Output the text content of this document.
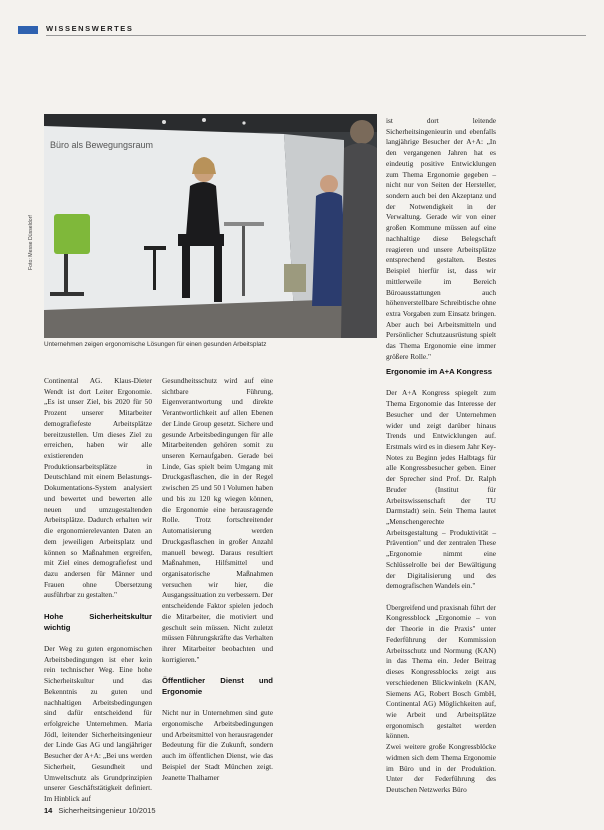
WISSENSWERTES
Büro als Bewegungsraum
Foto: Messe Düsseldorf
Unternehmen zeigen ergonomische Lösungen für einen gesunden Arbeitsplatz

Continental AG. Klaus-Dieter Wendt ist dort Leiter Ergonomie. „Es ist unser Ziel, bis 2020 für 50 Prozent unserer Mitarbeiter demografiefeste Arbeitsplätze bereitzustellen. Um dieses Ziel zu erreichen, haben wir alle existierenden Produktionsarbeitsplätze in Deutschland mit einem Belastungs-Dokumentations-System analysiert und bewertet und bewerten alle neuen und umzugestaltenden Arbeitsplätze. Dadurch erhalten wir die ergonomierelevanten Daten an dem jeweiligen Arbeitsplatz und können so Maßnahmen ergreifen, mit Ziel eines demografiefest und dazu andersen für Männer und Frauen ohne Übersetzung ausführbar zu gestalten."

Hohe Sicherheitskultur wichtig

Der Weg zu guten ergonomischen Arbeitsbedingungen ist eher kein rein technischer Weg. Eine hohe Sicherheitskultur und das Bekenntnis zu guten und nachhaltigen Arbeitsbedingungen sind dafür entscheidend für erfolgreiche Unternehmen. Maria Jödl, leitender Sicherheitsingenieur der Linde Gas AG und langjähriger Besucher der A+A: „Bei uns werden Sicherheit, Gesundheit und Umweltschutz als Grundprinzipien unserer Geschäftstätigkeit definiert. Im Hinblick auf

Gesundheitsschutz wird auf eine sichtbare Führung, Eigenverantwortung und direkte Verantwortlichkeit auf allen Ebenen der Linde Group gesetzt. Sichere und gesunde Arbeitsbedingungen für alle Mitarbeitenden gehören somit zu unseren Kernaufgaben. Gerade bei Linde, Gas spielt beim Umgang mit Druckgasflaschen, die in der Regel zwischen 25 und 50 l Volumen haben und bis zu 120 kg wiegen können, die Ergonomie eine herausragende Rolle. Trotz fortschreitender Automatisierung werden Druckgasflaschen in großer Anzahl manuell bewegt. Daraus resultiert Maßnahmen, Hilfsmittel und organisatorische Maßnahmen versuchen wir hier, die Ausgangssituation zu verbessern. Der entscheidende Faktor spielen jedoch die Mitarbeiter, die motiviert und geschult sein müssen. Nicht zuletzt müssen Führungskräfte das Verhalten ihrer Mitarbeiter beobachten und korrigieren."

Öffentlicher Dienst und Ergonomie

Nicht nur in Unternehmen sind gute ergonomische Arbeitsbedingungen und Arbeitsmittel von herausragender Bedeutung für die Zukunft, sondern auch im öffentlichen Dienst, wie das Beispiel der Stadt München zeigt. Jeanette Thalhamer

ist dort leitende Sicherheitsingenieurin und ebenfalls langjährige Besucher der A+A: „In den vergangenen Jahren hat es eindeutig positive Entwicklungen zum Thema Ergonomie gegeben – nicht nur von Seiten der Hersteller, sondern auch bei den Akzeptanz und der Notwendigkeit in der Verwaltung. Gerade wir von einer großen Kommune müssen auf eine nachhaltige diese Belegschaft reagieren und unsere Arbeitsplätze entsprechend gestalten. Bestes Beispiel hierfür ist, dass wir mittlerweile im Bereich Büroausstattungen auch höhenverstellbare Schreibtische ohne extra Vorgaben zum Einsatz bringen. Aber auch bei Arbeitsmitteln und Persönlicher Schutzausrüstung spielt das Thema Ergonomie eine immer größere Rolle."

Ergonomie im A+A Kongress

Der A+A Kongress spiegelt zum Thema Ergonomie das Interesse der Besucher und der Unternehmen wider und zeigt darüber hinaus Trends und Entwicklungen auf. Erstmals wird es in diesem Jahr Key-Notes zu Beginn jedes Halbtags für alle Kongressbesucher geben. Einer der Sprecher sind Prof. Dr. Ralph Bruder (Institut für Arbeitswissenschaft der TU Darmstadt) sein. Sein Thema lautet „Menschengerechte Arbeitsgestaltung – Produktivität – Prävention" und der zentralen These „Ergonomie nimmt eine Schlüsselrolle bei der Bewältigung der Digitalisierung und des demografischen Wandels ein."

Übergreifend und praxisnah führt der Kongressblock „Ergonomie – von der Theorie in die Praxis" unter Federführung der Kommission Arbeitsschutz und Normung (KAN) in das Thema ein. Jeder Beitrag dieses Kongressblocks zeigt aus verschiedenen Blickwinkeln (KAN, Siemens AG, Robert Bosch GmbH, Continental AG) Möglichkeiten auf, wie Arbeit und Arbeitsplätze ergonomisch gestaltet werden können.

Zwei weitere große Kongressblöcke widmen sich dem Thema Ergonomie im Büro und in der Produktion. Unter der Federführung des Deutschen Netzwerks Büro

14 Sicherheitsingenieur 10/2015
